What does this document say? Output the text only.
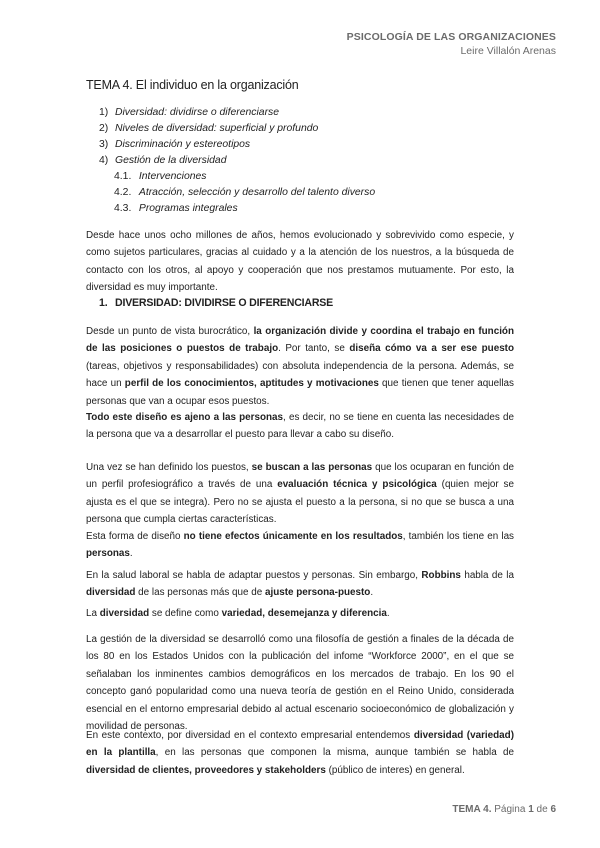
PSICOLOGÍA DE LAS ORGANIZACIONES
Leire Villalón Arenas
TEMA 4. El individuo en la organización
1) Diversidad: dividirse o diferenciarse
2) Niveles de diversidad: superficial y profundo
3) Discriminación y estereotipos
4) Gestión de la diversidad
4.1. Intervenciones
4.2. Atracción, selección y desarrollo del talento diverso
4.3. Programas integrales

Desde hace unos ocho millones de años, hemos evolucionado y sobrevivido como especie, y como sujetos particulares, gracias al cuidado y a la atención de los nuestros, a la búsqueda de contacto con los otros, al apoyo y cooperación que nos prestamos mutuamente. Por esto, la diversidad es muy importante.

1. DIVERSIDAD: DIVIDIRSE O DIFERENCIARSE

Desde un punto de vista burocrático, la organización divide y coordina el trabajo en función de las posiciones o puestos de trabajo. Por tanto, se diseña cómo va a ser ese puesto (tareas, objetivos y responsabilidades) con absoluta independencia de la persona. Además, se hace un perfil de los conocimientos, aptitudes y motivaciones que tienen que tener aquellas personas que van a ocupar esos puestos.

Todo este diseño es ajeno a las personas, es decir, no se tiene en cuenta las necesidades de la persona que va a desarrollar el puesto para llevar a cabo su diseño.

Una vez se han definido los puestos, se buscan a las personas que los ocuparan en función de un perfil profesiográfico a través de una evaluación técnica y psicológica (quien mejor se ajusta es el que se integra). Pero no se ajusta el puesto a la persona, si no que se busca a una persona que cumpla ciertas características.

Esta forma de diseño no tiene efectos únicamente en los resultados, también los tiene en las personas.

En la salud laboral se habla de adaptar puestos y personas. Sin embargo, Robbins habla de la diversidad de las personas más que de ajuste persona-puesto.

La diversidad se define como variedad, desemejanza y diferencia.

La gestión de la diversidad se desarrolló como una filosofía de gestión a finales de la década de los 80 en los Estados Unidos con la publicación del infome “Workforce 2000”, en el que se señalaban los inminentes cambios demográficos en los mercados de trabajo. En los 90 el concepto ganó popularidad como una nueva teoría de gestión en el Reino Unido, considerada esencial en el entorno empresarial debido al actual escenario socioeconómico de globalización y movilidad de personas.

En este contexto, por diversidad en el contexto empresarial entendemos diversidad (variedad) en la plantilla, en las personas que componen la misma, aunque también se habla de diversidad de clientes, proveedores y stakeholders (público de interes) en general.

TEMA 4. Página 1 de 6
